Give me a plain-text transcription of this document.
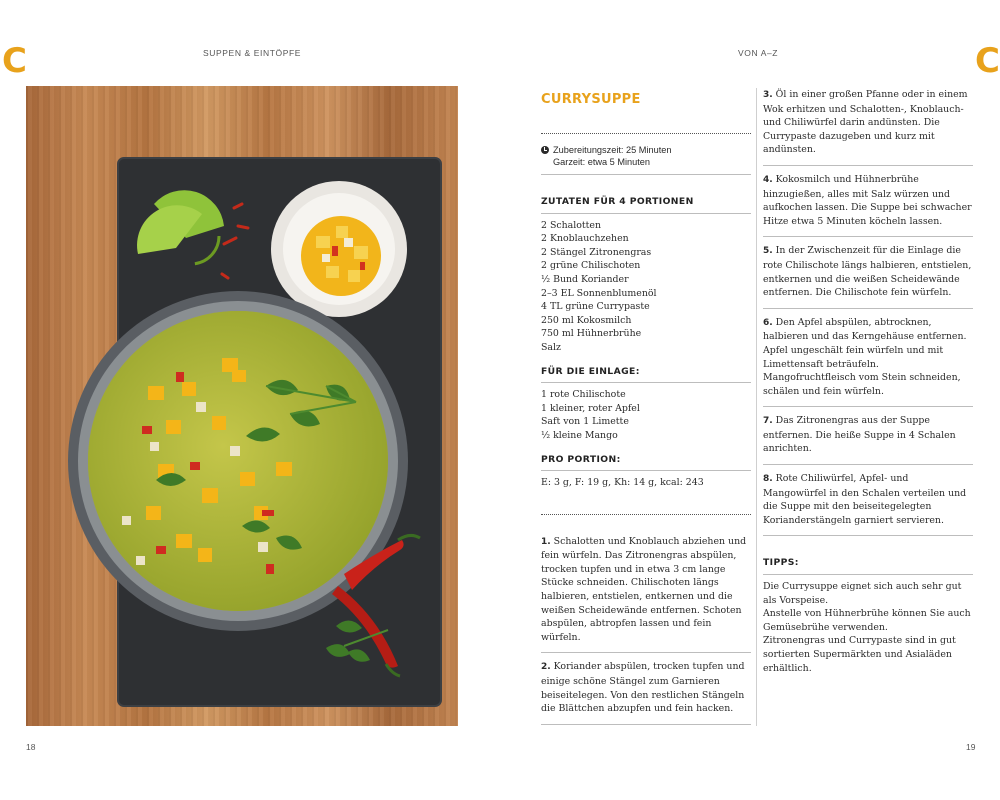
C	C
SUPPEN & EINTÖPFE	VON A–Z
18	19
CURRYSUPPE
Zubereitungszeit: 25 Minuten
Garzeit: etwa 5 Minuten
ZUTATEN FÜR 4 PORTIONEN
2 Schalotten
2 Knoblauchzehen
2 Stängel Zitronengras
2 grüne Chilischoten
½ Bund Koriander
2–3 EL Sonnenblumenöl
4 TL grüne Currypaste
250 ml Kokosmilch
750 ml Hühnerbrühe
Salz
FÜR DIE EINLAGE:
1 rote Chilischote
1 kleiner, roter Apfel
Saft von 1 Limette
½ kleine Mango
PRO PORTION:
E: 3 g, F: 19 g, Kh: 14 g, kcal: 243
1. Schalotten und Knoblauch abziehen und fein würfeln. Das Zitronengras abspülen, trocken tupfen und in etwa 3 cm lange Stücke schneiden. Chilischoten längs halbieren, entstielen, entkernen und die weißen Scheidewände entfernen. Schoten abspülen, abtropfen lassen und fein würfeln.
2. Koriander abspülen, trocken tupfen und einige schöne Stängel zum Garnieren beiseitelegen. Von den restlichen Stängeln die Blättchen abzupfen und fein hacken.
3. Öl in einer großen Pfanne oder in einem Wok erhitzen und Schalotten-, Knoblauch- und Chiliwürfel darin andünsten. Die Currypaste dazugeben und kurz mit andünsten.
4. Kokosmilch und Hühnerbrühe hinzugießen, alles mit Salz würzen und aufkochen lassen. Die Suppe bei schwacher Hitze etwa 5 Minuten köcheln lassen.
5. In der Zwischenzeit für die Einlage die rote Chilischote längs halbieren, entstielen, entkernen und die weißen Scheidewände entfernen. Die Chilischote fein würfeln.
6. Den Apfel abspülen, abtrocknen, halbieren und das Kerngehäuse entfernen. Apfel ungeschält fein würfeln und mit Limettensaft beträufeln. Mangofruchtfleisch vom Stein schneiden, schälen und fein würfeln.
7. Das Zitronengras aus der Suppe entfernen. Die heiße Suppe in 4 Schalen anrichten.
8. Rote Chiliwürfel, Apfel- und Mangowürfel in den Schalen verteilen und die Suppe mit den beiseitegelegten Korianderstängeln garniert servieren.
TIPPS:
Die Currysuppe eignet sich auch sehr gut als Vorspeise.
Anstelle von Hühnerbrühe können Sie auch Gemüsebrühe verwenden.
Zitronengras und Currypaste sind in gut sortierten Supermärkten und Asialäden erhältlich.
